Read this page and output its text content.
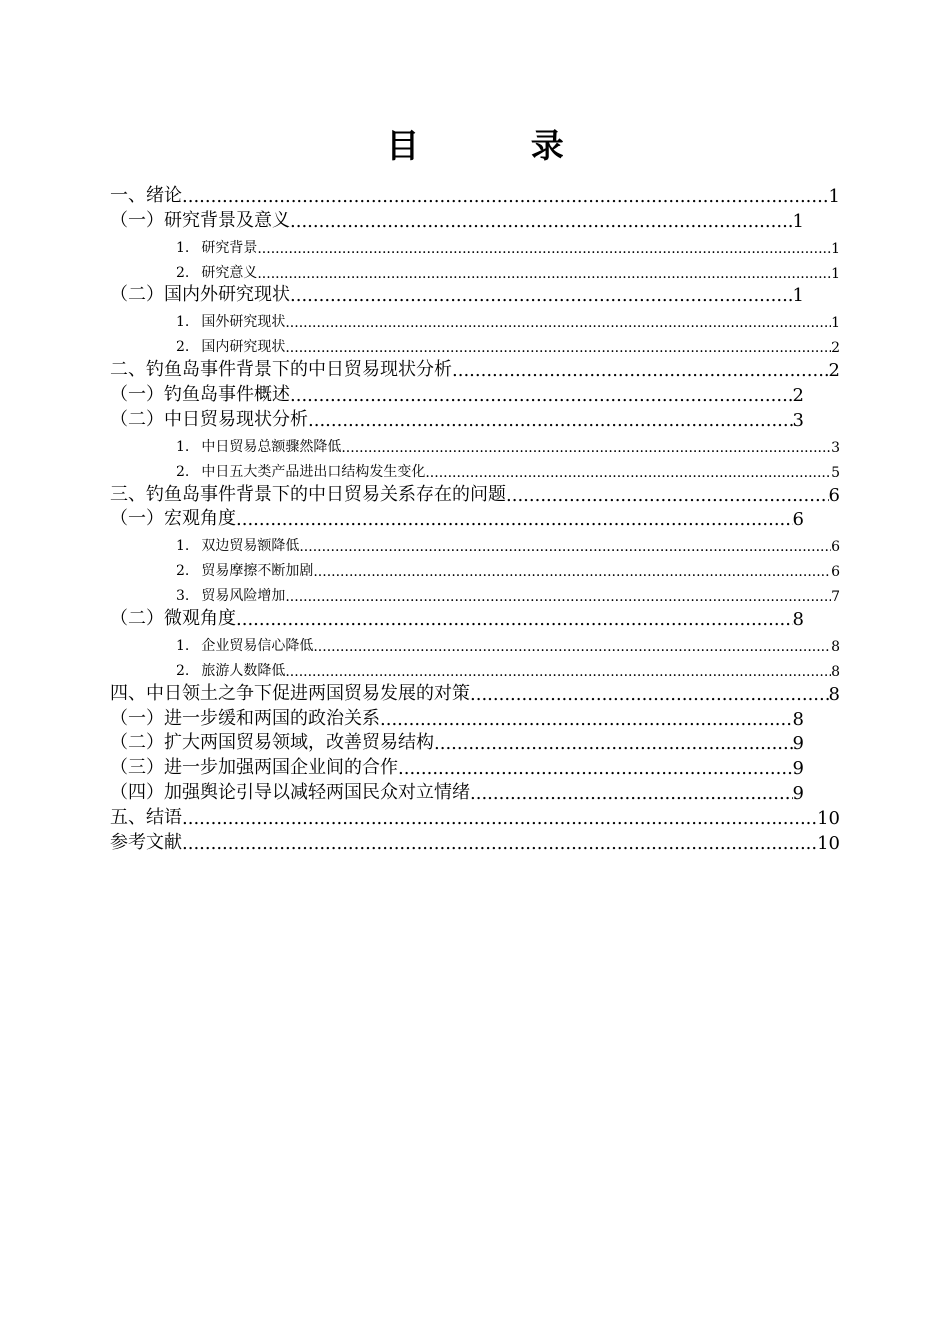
目 录
一、绪论 .....	1
（一）研究背景及意义 .....	1
1. 研究背景 .....	1
2. 研究意义 .....	1
（二）国内外研究现状 .....	1
1. 国外研究现状 .....	1
2. 国内研究现状 .....	2
二、钓鱼岛事件背景下的中日贸易现状分析 .....	2
（一）钓鱼岛事件概述 .....	2
（二）中日贸易现状分析 .....	3
1. 中日贸易总额骤然降低 .....	3
2. 中日五大类产品进出口结构发生变化 .....	5
三、钓鱼岛事件背景下的中日贸易关系存在的问题 .....	6
（一）宏观角度 .....	6
1. 双边贸易额降低 .....	6
2. 贸易摩擦不断加剧 .....	6
3. 贸易风险增加 .....	7
（二）微观角度 .....	8
1. 企业贸易信心降低 .....	8
2. 旅游人数降低 .....	8
四、中日领土之争下促进两国贸易发展的对策 .....	8
（一）进一步缓和两国的政治关系 .....	8
（二）扩大两国贸易领域，改善贸易结构 .....	9
（三）进一步加强两国企业间的合作 .....	9
（四）加强舆论引导以减轻两国民众对立情绪 .....	9
五、结语 .....	10
参考文献 .....	10
